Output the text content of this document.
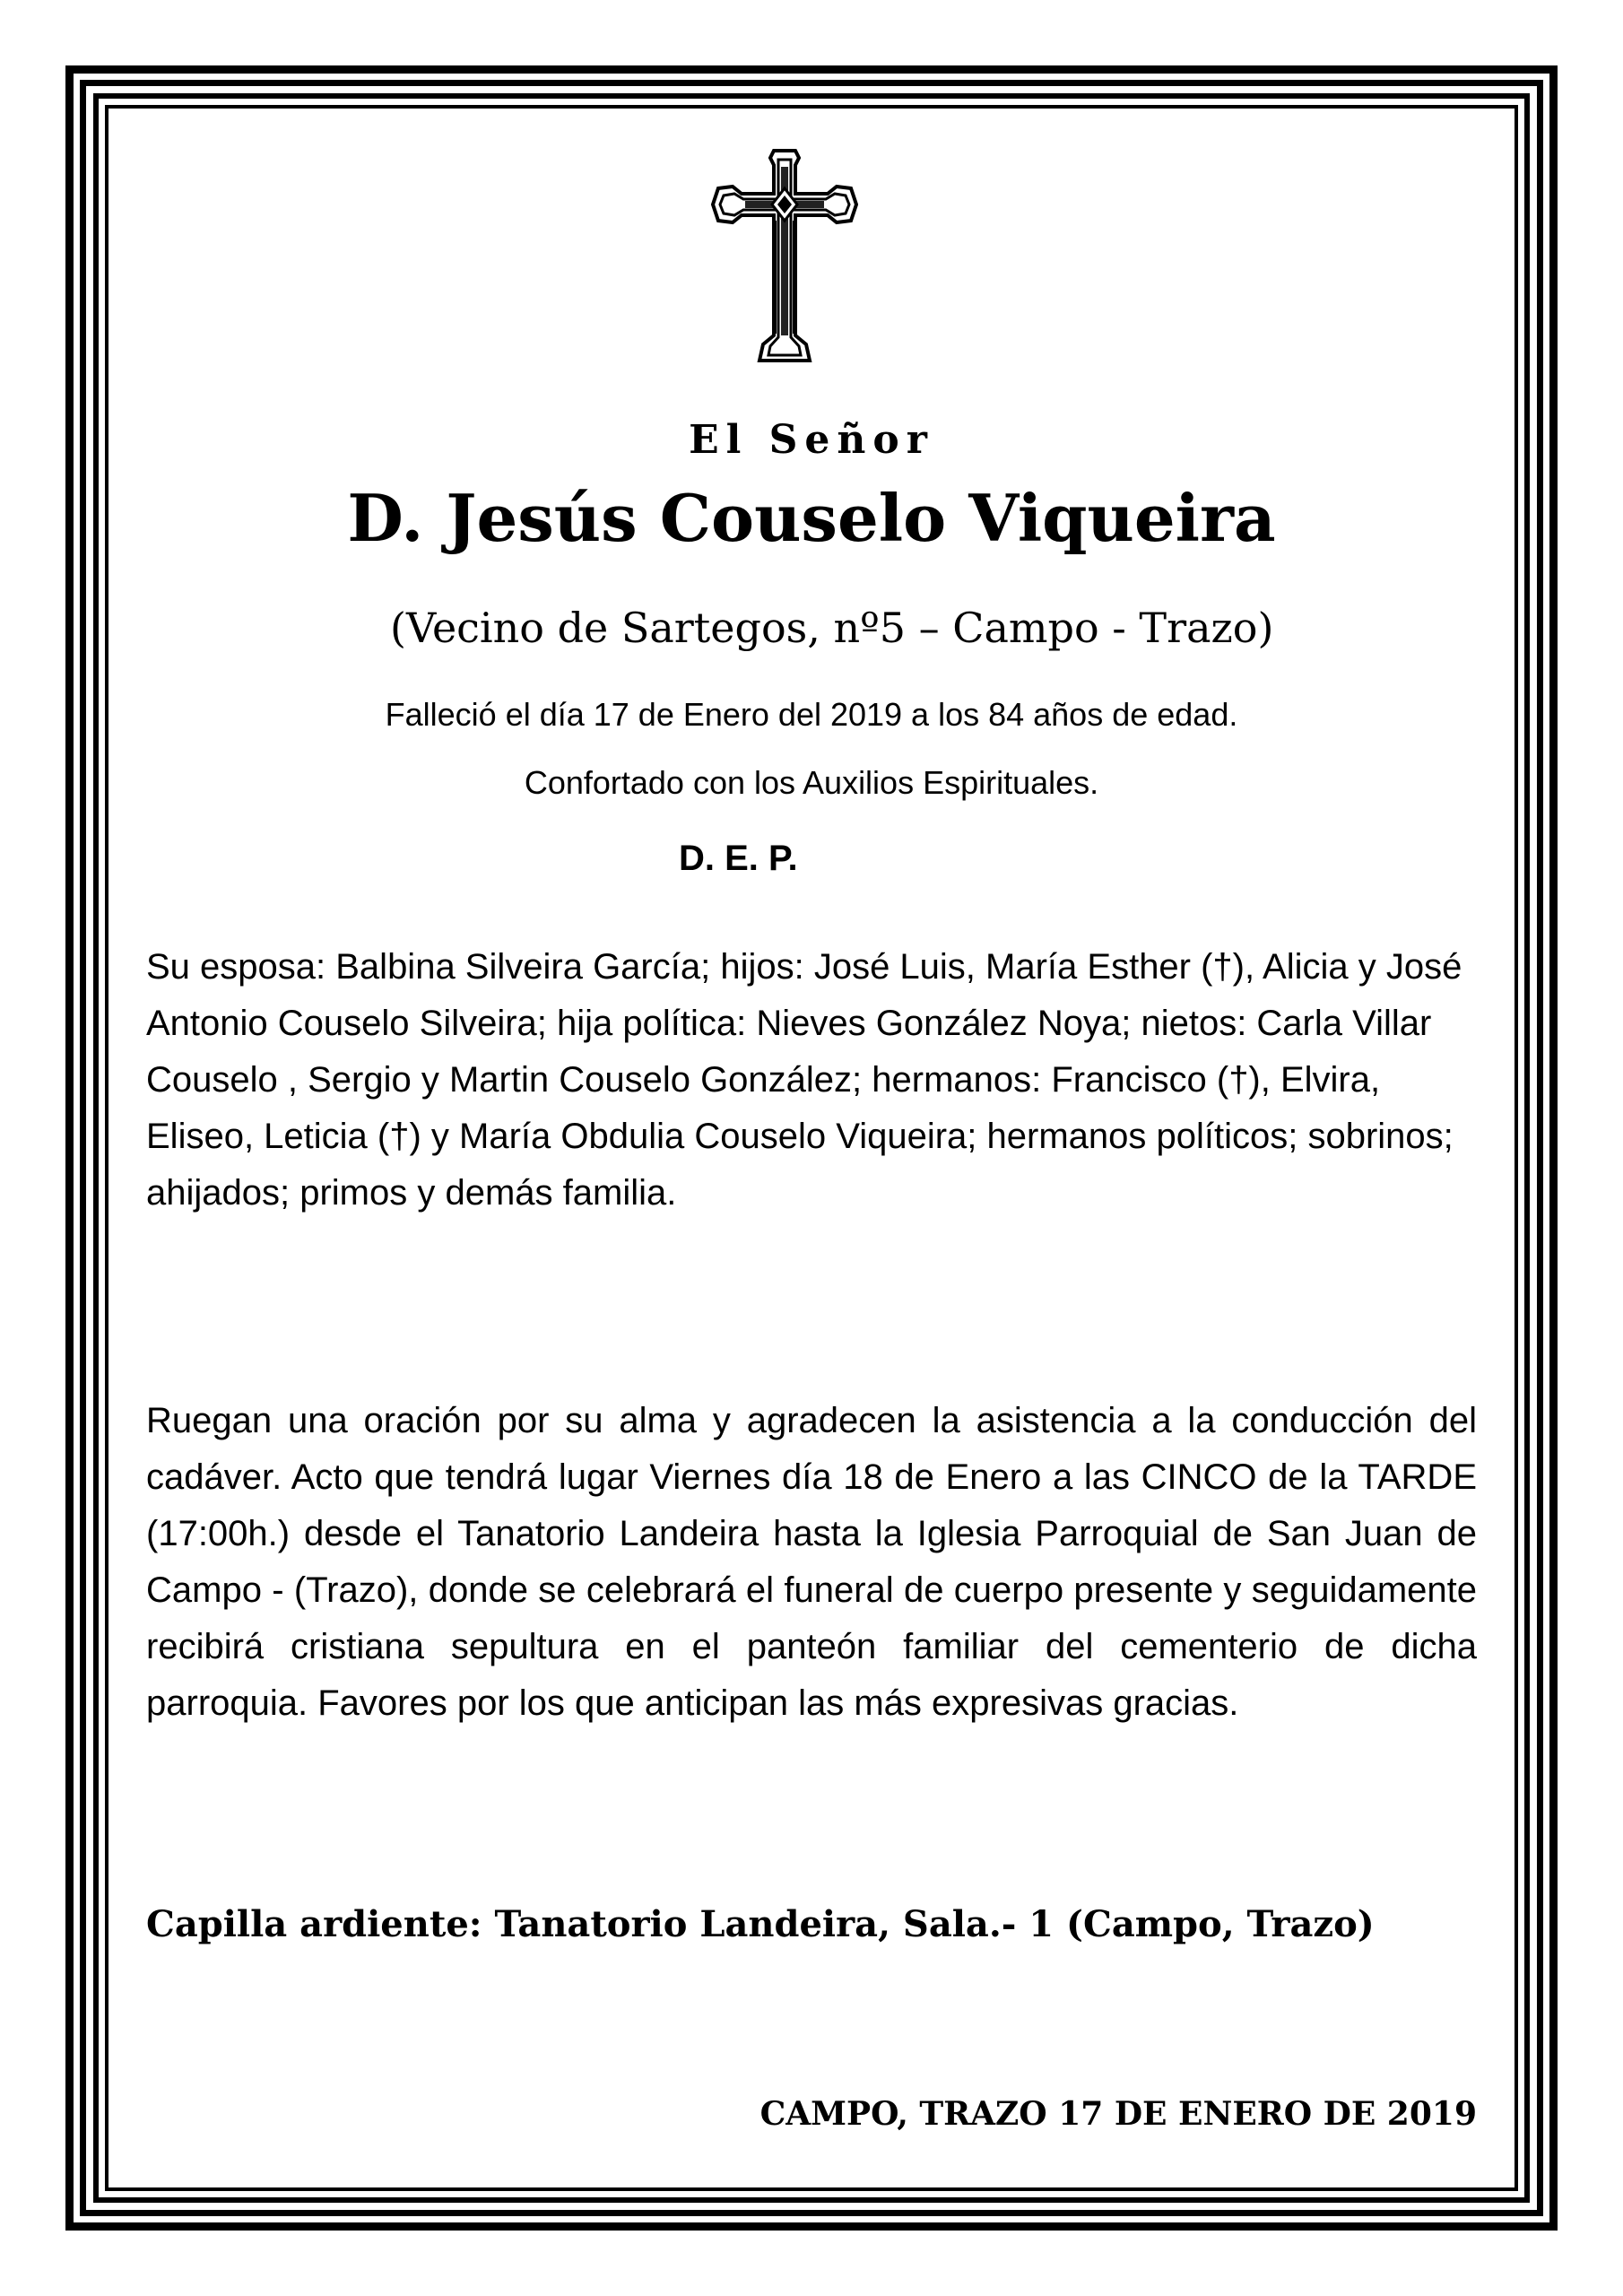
El Señor
D. Jesús Couselo Viqueira
(Vecino de Sartegos, nº5 – Campo - Trazo)
Falleció el día 17 de Enero del 2019 a los 84 años de edad.
Confortado con los Auxilios Espirituales.
D. E. P.
Su esposa: Balbina Silveira García; hijos: José Luis, María Esther (†), Alicia y José Antonio Couselo Silveira; hija política: Nieves González Noya; nietos: Carla Villar Couselo , Sergio y Martin Couselo González; hermanos: Francisco (†), Elvira, Eliseo, Leticia (†) y María Obdulia Couselo Viqueira; hermanos políticos; sobrinos; ahijados; primos y demás familia.
Ruegan una oración por su alma y agradecen la asistencia a la conducción del cadáver. Acto que tendrá lugar Viernes día 18 de Enero a las CINCO de la TARDE (17:00h.) desde el Tanatorio Landeira hasta la Iglesia Parroquial de San Juan de Campo - (Trazo), donde se celebrará el funeral de cuerpo presente y seguidamente recibirá cristiana sepultura en el panteón familiar del cementerio de dicha parroquia. Favores por los que anticipan las más expresivas gracias.
Capilla ardiente: Tanatorio Landeira, Sala.- 1 (Campo, Trazo)
CAMPO, TRAZO 17 DE ENERO DE 2019
